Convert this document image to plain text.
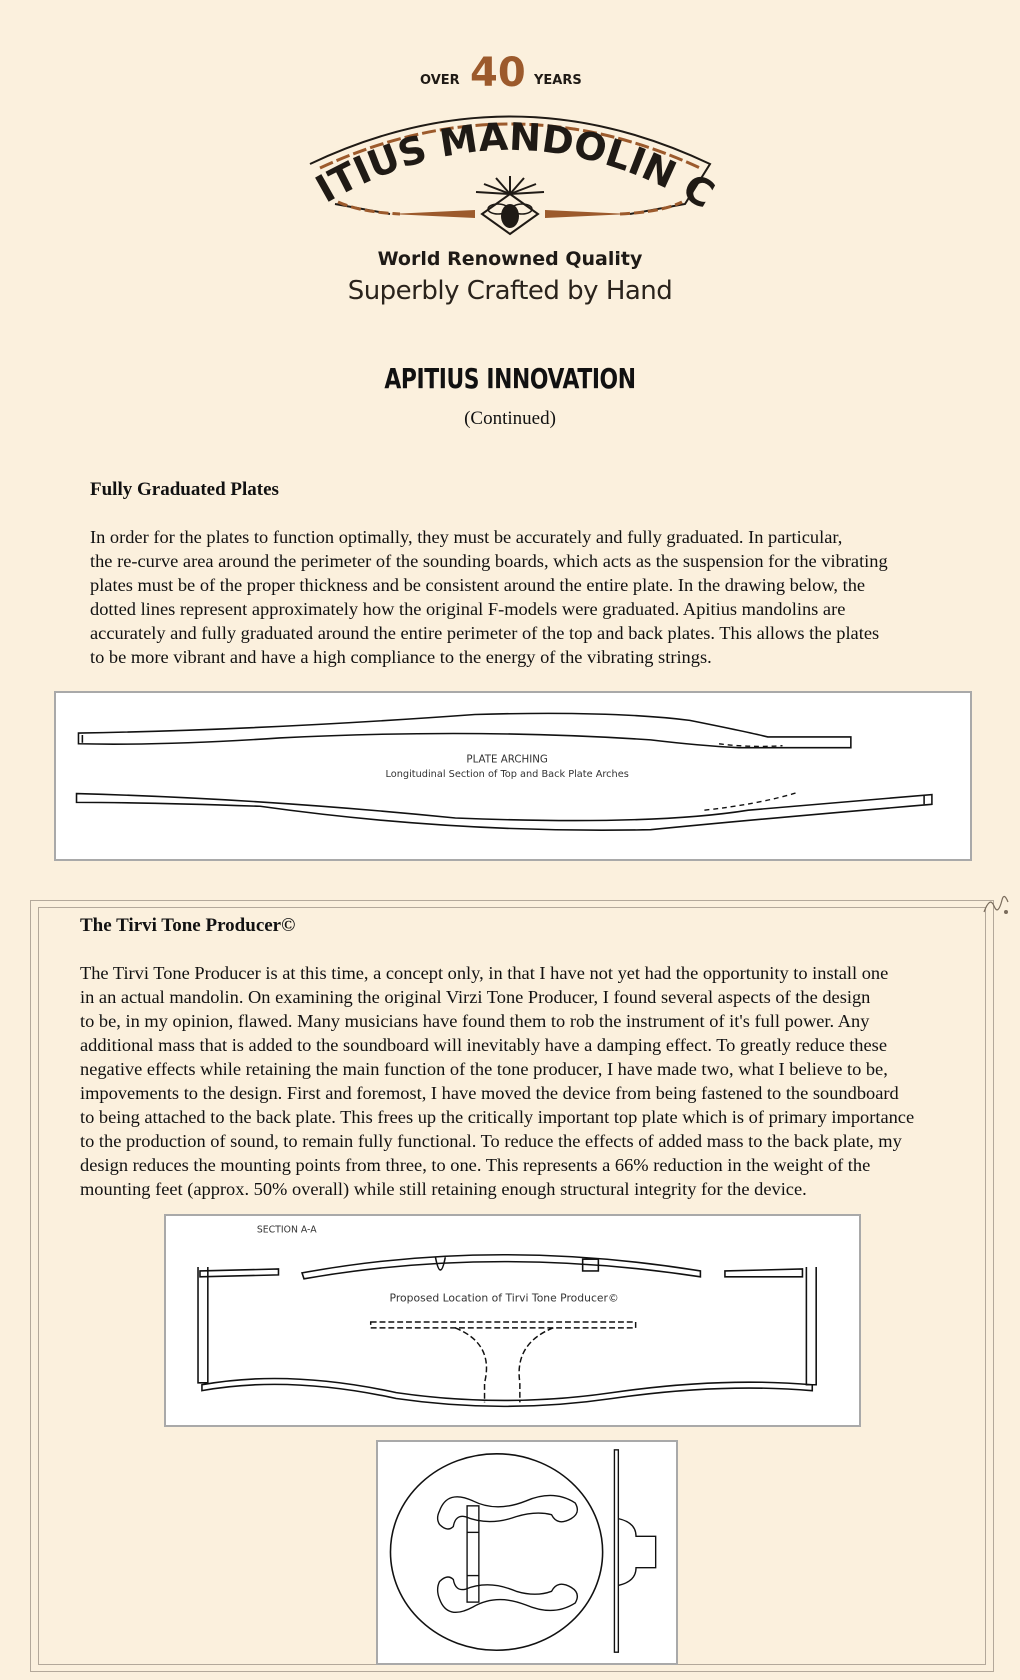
OVER 40 YEARS
ITIUS MANDOLIN C
World Renowned Quality
Superbly Crafted by Hand
APITIUS INNOVATION
(Continued)
Fully Graduated Plates

In order for the plates to function optimally, they must be accurately and fully graduated. In particular,

the re-curve area around the perimeter of the sounding boards, which acts as the suspension for the vibrating

plates must be of the proper thickness and be consistent around the entire plate. In the drawing below, the

dotted lines represent approximately how the original F-models were graduated. Apitius mandolins are

accurately and fully graduated around the entire perimeter of the top and back plates. This allows the plates

to be more vibrant and have a high compliance to the energy of the vibrating strings.

PLATE ARCHING
Longitudinal Section of Top and Back Plate Arches
The Tirvi Tone Producer©

The Tirvi Tone Producer is at this time, a concept only, in that I have not yet had the opportunity to install one

in an actual mandolin. On examining the original Virzi Tone Producer, I found several aspects of the design

to be, in my opinion, flawed. Many musicians have found them to rob the instrument of it's full power. Any

additional mass that is added to the soundboard will inevitably have a damping effect. To greatly reduce these

negative effects while retaining the main function of the tone producer, I have made two, what I believe to be,

impovements to the design. First and foremost, I have moved the device from being fastened to the soundboard

to being attached to the back plate. This frees up the critically important top plate which is of primary importance

to the production of sound, to remain fully functional. To reduce the effects of added mass to the back plate, my

design reduces the mounting points from three, to one. This represents a 66% reduction in the weight of the

mounting feet (approx. 50% overall) while still retaining enough structural integrity for the device.

SECTION A-A
Proposed Location of Tirvi Tone Producer©
